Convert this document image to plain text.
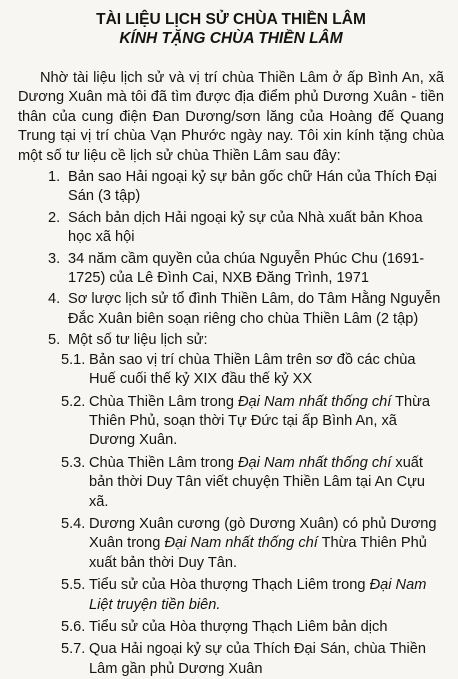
TÀI LIỆU LỊCH SỬ CHÙA THIỀN LÂM
KÍNH TẶNG CHÙA THIỀN LÂM

Nhờ tài liệu lịch sử và vị trí chùa Thiền Lâm ở ấp Bình An, xã Dương Xuân mà tôi đã tìm được địa điểm phủ Dương Xuân - tiền thân của cung điện Đan Dương/sơn lăng của Hoàng đế Quang Trung tại vị trí chùa Vạn Phước ngày nay. Tôi xin kính tặng chùa một số tư liệu cề lịch sử chùa Thiền Lâm sau đây:

1. Bản sao Hải ngoại kỷ sự bản gốc chữ Hán của Thích Đại Sán (3 tập)
2. Sách bản dịch Hải ngoại kỷ sự của Nhà xuất bản Khoa học xã hội
3. 34 năm cầm quyền của chúa Nguyễn Phúc Chu (1691-1725) của Lê Đình Cai, NXB Đăng Trình, 1971
4. Sơ lược lịch sử tổ đình Thiền Lâm, do Tâm Hằng Nguyễn Đắc Xuân biên soạn riêng cho chùa Thiền Lâm (2 tập)
5. Một số tư liệu lịch sử:
5.1. Bản sao vị trí chùa Thiền Lâm trên sơ đồ các chùa Huế cuối thế kỷ XIX đầu thế kỷ XX
5.2. Chùa Thiền Lâm trong Đại Nam nhất thống chí Thừa Thiên Phủ, soạn thời Tự Đức tại ấp Bình An, xã Dương Xuân.
5.3. Chùa Thiền Lâm trong Đại Nam nhất thống chí xuất bản thời Duy Tân viết chuyện Thiền Lâm tại An Cựu xã.
5.4. Dương Xuân cương (gò Dương Xuân) có phủ Dương Xuân trong Đại Nam nhất thống chí Thừa Thiên Phủ xuất bản thời Duy Tân.
5.5. Tiểu sử của Hòa thượng Thạch Liêm trong Đại Nam Liệt truyện tiền biên.
5.6. Tiểu sử của Hòa thượng Thạch Liêm bản dịch
5.7. Qua Hải ngoại kỷ sự của Thích Đại Sán, chùa Thiền Lâm gần phủ Dương Xuân
